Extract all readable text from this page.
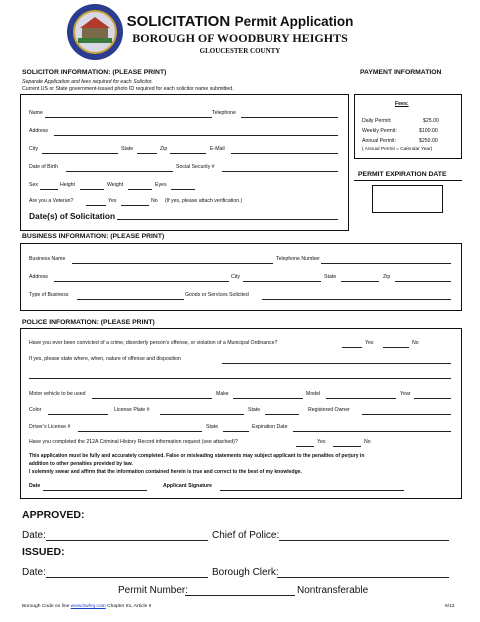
SOLICITATION Permit Application
BOROUGH OF WOODBURY HEIGHTS
GLOUCESTER COUNTY
SOLICITOR INFORMATION: (PLEASE PRINT)
Separate Application and fees required for each Solicitor.
Current US or State government-issued photo ID required for each solicitor name submitted.
Name	Telephone
Address
City	State	Zip	E-Mail
Date of Birth	Social Security #
Sex	Height	Weight	Eyes
Are you a Veteran?	Yes	No (If yes, please attach verification.)
Date(s) of Solicitation
PAYMENT INFORMATION
Fees:
Daily Permit:	$25.00
Weekly Permit:	$100.00
Annual Permit:	$250.00
( Annual Permit = Calendar Year)
PERMIT EXPIRATION DATE
BUSINESS INFORMATION: (PLEASE PRINT)
Business Name	Telephone Number
Address	City	State	Zip
Type of Business	Goods or Services Solicited
POLICE INFORMATION: (PLEASE PRINT)
Have you ever been convicted of a crime, disorderly person’s offense, or violation of a Municipal Ordinance?	Yes	No
If yes, please state where, when, nature of offense and disposition
Motor vehicle to be used	Make	Model	Year
Color	License Plate #	State	Registered Owner
Driver’s License #	State	Expiration Date
Have you completed the 212A Criminal History Record information request (see attached)?	Yes	No
This application must be fully and accurately completed. False or misleading statements may subject applicant to the penalties of perjury in
addition to other penalties provided by law.
I solemnly swear and affirm that the information contained herein is true and correct to the best of my knowledge.
Date	Applicant Signature
APPROVED:
Date:	Chief of Police:
ISSUED:
Date:	Borough Clerk:
Permit Number:	Nontransferable
Borough Code on line www.bwhnj.com Chapter 81, Article II	6/13
